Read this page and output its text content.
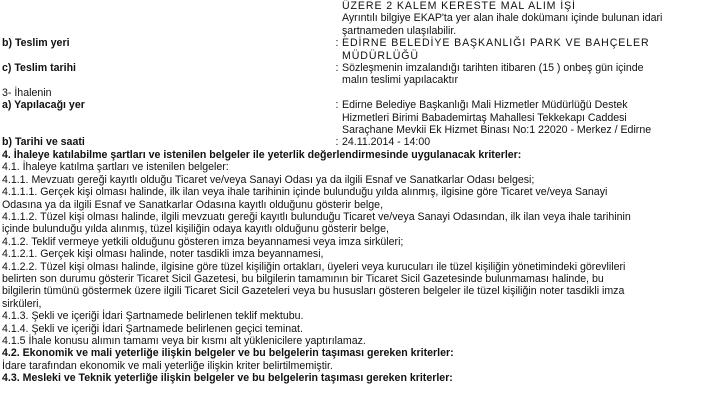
ÜZERE 2 KALEM KERESTE MAL ALIM İŞİ
Ayrıntılı bilgiye EKAP'ta yer alan ihale dokümanı içinde bulunan idari
şartnameden ulaşılabilir.
b) Teslim yeri	: EDİRNE BELEDİYE BAŞKANLIĞI PARK VE BAHÇELER
MÜDÜRLÜĞÜ
c) Teslim tarihi	: Sözleşmenin imzalandığı tarihten itibaren (15 ) onbeş gün içinde
malın teslimi yapılacaktır
3- İhalenin
a) Yapılacağı yer	: Edirne Belediye Başkanlığı Mali Hizmetler Müdürlüğü Destek
Hizmetleri Birimi Babademirtaş Mahallesi Tekkekapı Caddesi
Saraçhane Mevkii Ek Hizmet Binası No:1 22020 - Merkez / Edirne
b) Tarihi ve saati	: 24.11.2014 - 14:00
4. İhaleye katılabilme şartları ve istenilen belgeler ile yeterlik değerlendirmesinde uygulanacak kriterler:
4.1. İhaleye katılma şartları ve istenilen belgeler:
4.1.1. Mevzuatı gereği kayıtlı olduğu Ticaret ve/veya Sanayi Odası ya da ilgili Esnaf ve Sanatkarlar Odası belgesi;
4.1.1.1. Gerçek kişi olması halinde, ilk ilan veya ihale tarihinin içinde bulunduğu yılda alınmış, ilgisine göre Ticaret ve/veya Sanayi
Odasına ya da ilgili Esnaf ve Sanatkarlar Odasına kayıtlı olduğunu gösterir belge,
4.1.1.2. Tüzel kişi olması halinde, ilgili mevzuatı gereği kayıtlı bulunduğu Ticaret ve/veya Sanayi Odasından, ilk ilan veya ihale tarihinin
içinde bulunduğu yılda alınmış, tüzel kişiliğin odaya kayıtlı olduğunu gösterir belge,
4.1.2. Teklif vermeye yetkili olduğunu gösteren imza beyannamesi veya imza sirküleri;
4.1.2.1. Gerçek kişi olması halinde, noter tasdikli imza beyannamesi,
4.1.2.2. Tüzel kişi olması halinde, ilgisine göre tüzel kişiliğin ortakları, üyeleri veya kurucuları ile tüzel kişiliğin yönetimindeki görevlileri
belirten son durumu gösterir Ticaret Sicil Gazetesi, bu bilgilerin tamamının bir Ticaret Sicil Gazetesinde bulunmaması halinde, bu
bilgilerin tümünü göstermek üzere ilgili Ticaret Sicil Gazeteleri veya bu hususları gösteren belgeler ile tüzel kişiliğin noter tasdikli imza
sirküleri,
4.1.3. Şekli ve içeriği İdari Şartnamede belirlenen teklif mektubu.
4.1.4. Şekli ve içeriği İdari Şartnamede belirlenen geçici teminat.
4.1.5 İhale konusu alımın tamamı veya bir kısmı alt yüklenicilere yaptırılamaz.
4.2. Ekonomik ve mali yeterliğe ilişkin belgeler ve bu belgelerin taşıması gereken kriterler:
İdare tarafından ekonomik ve mali yeterliğe ilişkin kriter belirtilmemiştir.
4.3. Mesleki ve Teknik yeterliğe ilişkin belgeler ve bu belgelerin taşıması gereken kriterler:
